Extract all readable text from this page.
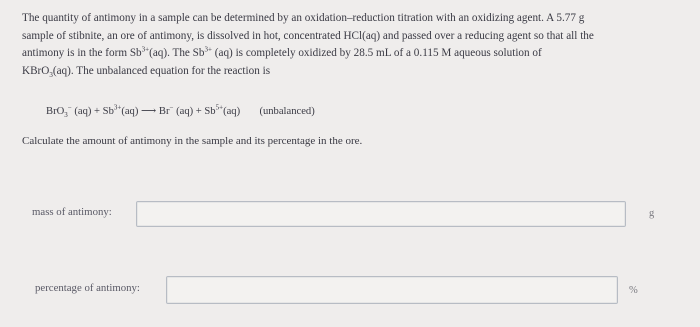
The quantity of antimony in a sample can be determined by an oxidation–reduction titration with an oxidizing agent. A 5.77 g

sample of stibnite, an ore of antimony, is dissolved in hot, concentrated HCl(aq) and passed over a reducing agent so that all the

antimony is in the form $Sb^{3+}(aq)$. The $Sb^{3+}$ (aq) is completely oxidized by 28.5 mL of a 0.115 M aqueous solution of

KBrO$_3$(aq). The unbalanced equation for the reaction is

BrO$_3$− $(aq) + Sb^{3+}(aq)$ ⟶ Br− $(aq) + Sb^{5+}(aq)$ (unbalanced)
Calculate the amount of antimony in the sample and its percentage in the ore.
mass of antimony:	g
percentage of antimony:	%
